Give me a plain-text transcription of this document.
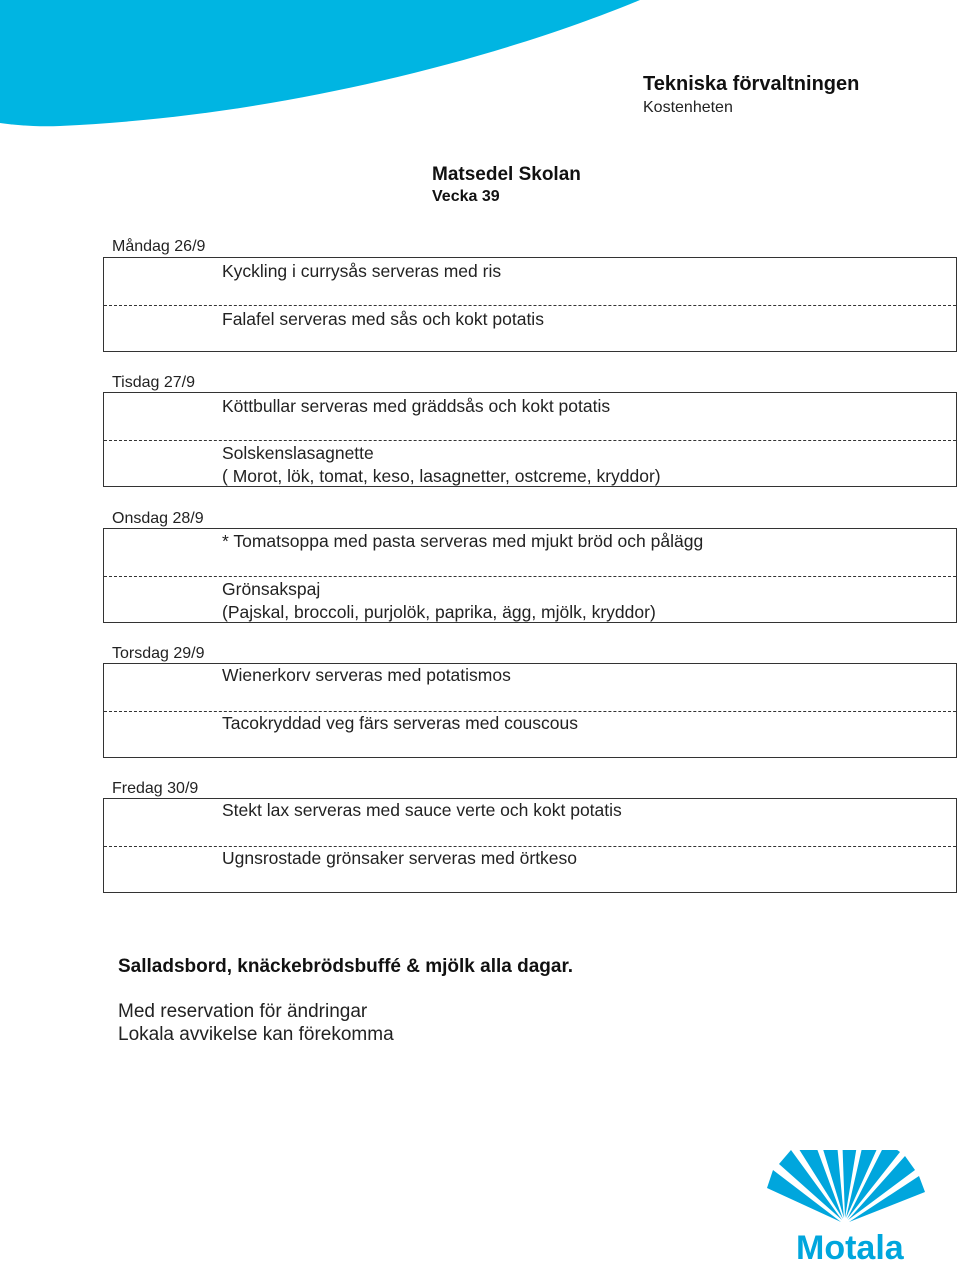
Tekniska förvaltningen
Kostenheten
Matsedel Skolan
Vecka 39
Måndag 26/9
Kyckling i currysås serveras med ris
Falafel serveras med sås och kokt potatis
Tisdag 27/9
Köttbullar serveras med gräddsås och kokt potatis
Solskenslasagnette
( Morot, lök, tomat, keso, lasagnetter, ostcreme, kryddor)
Onsdag 28/9
* Tomatsoppa med pasta serveras med mjukt bröd och pålägg
Grönsakspaj
(Pajskal, broccoli, purjolök, paprika, ägg, mjölk, kryddor)
Torsdag 29/9
Wienerkorv serveras med potatismos
Tacokryddad veg färs serveras med couscous
Fredag 30/9
Stekt lax serveras med sauce verte och kokt potatis
Ugnsrostade grönsaker serveras med örtkeso
Salladsbord, knäckebrödsbuffé & mjölk alla dagar.
Med reservation för ändringar
Lokala avvikelse kan förekomma
Motala
